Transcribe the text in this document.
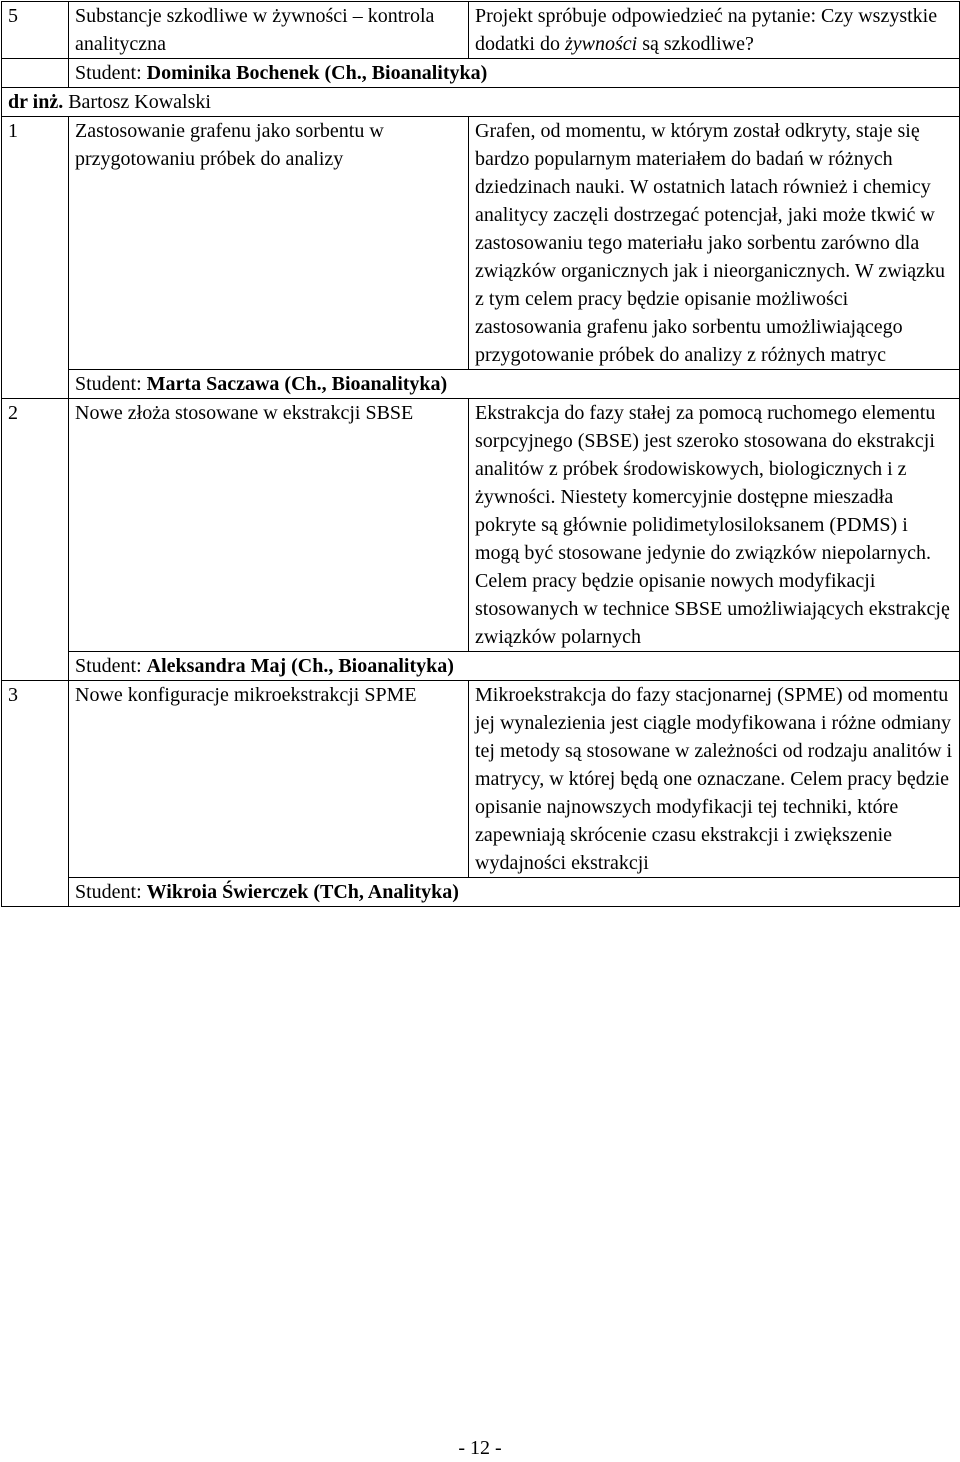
5	Substancje szkodliwe w żywności – kontrola analityczna	Projekt spróbuje odpowiedzieć na pytanie: Czy wszystkie dodatki do żywności są szkodliwe?
	Student: Dominika Bochenek (Ch., Bioanalityka)	
dr inż. Bartosz Kowalski		
1	Zastosowanie grafenu jako sorbentu w przygotowaniu próbek do analizy	Grafen, od momentu, w którym został odkryty, staje się bardzo popularnym materiałem do badań w różnych dziedzinach nauki. W ostatnich latach również i chemicy analitycy zaczęli dostrzegać potencjał, jaki może tkwić w zastosowaniu tego materiału jako sorbentu zarówno dla związków organicznych jak i nieorganicznych. W związku z tym celem pracy będzie opisanie możliwości zastosowania grafenu jako sorbentu umożliwiającego przygotowanie próbek do analizy z różnych matryc
	Student: Marta Saczawa (Ch., Bioanalityka)	
2	Nowe złoża stosowane w ekstrakcji SBSE	Ekstrakcja do fazy stałej za pomocą ruchomego elementu sorpcyjnego (SBSE) jest szeroko stosowana do ekstrakcji analitów z próbek środowiskowych, biologicznych i z żywności. Niestety komercyjnie dostępne mieszadła pokryte są głównie polidimetylosiloksanem (PDMS) i mogą być stosowane jedynie do związków niepolarnych. Celem pracy będzie opisanie nowych modyfikacji stosowanych w technice SBSE umożliwiających ekstrakcję związków polarnych
	Student: Aleksandra Maj (Ch., Bioanalityka)	
3	Nowe konfiguracje mikroekstrakcji SPME	Mikroekstrakcja do fazy stacjonarnej (SPME) od momentu jej wynalezienia jest ciągle modyfikowana i różne odmiany tej metody są stosowane w zależności od rodzaju analitów i matrycy, w której będą one oznaczane. Celem pracy będzie opisanie najnowszych modyfikacji tej techniki, które zapewniają skrócenie czasu ekstrakcji i zwiększenie wydajności ekstrakcji
	Student: Wikroia Świerczek (TCh, Analityka)	
- 12 -
